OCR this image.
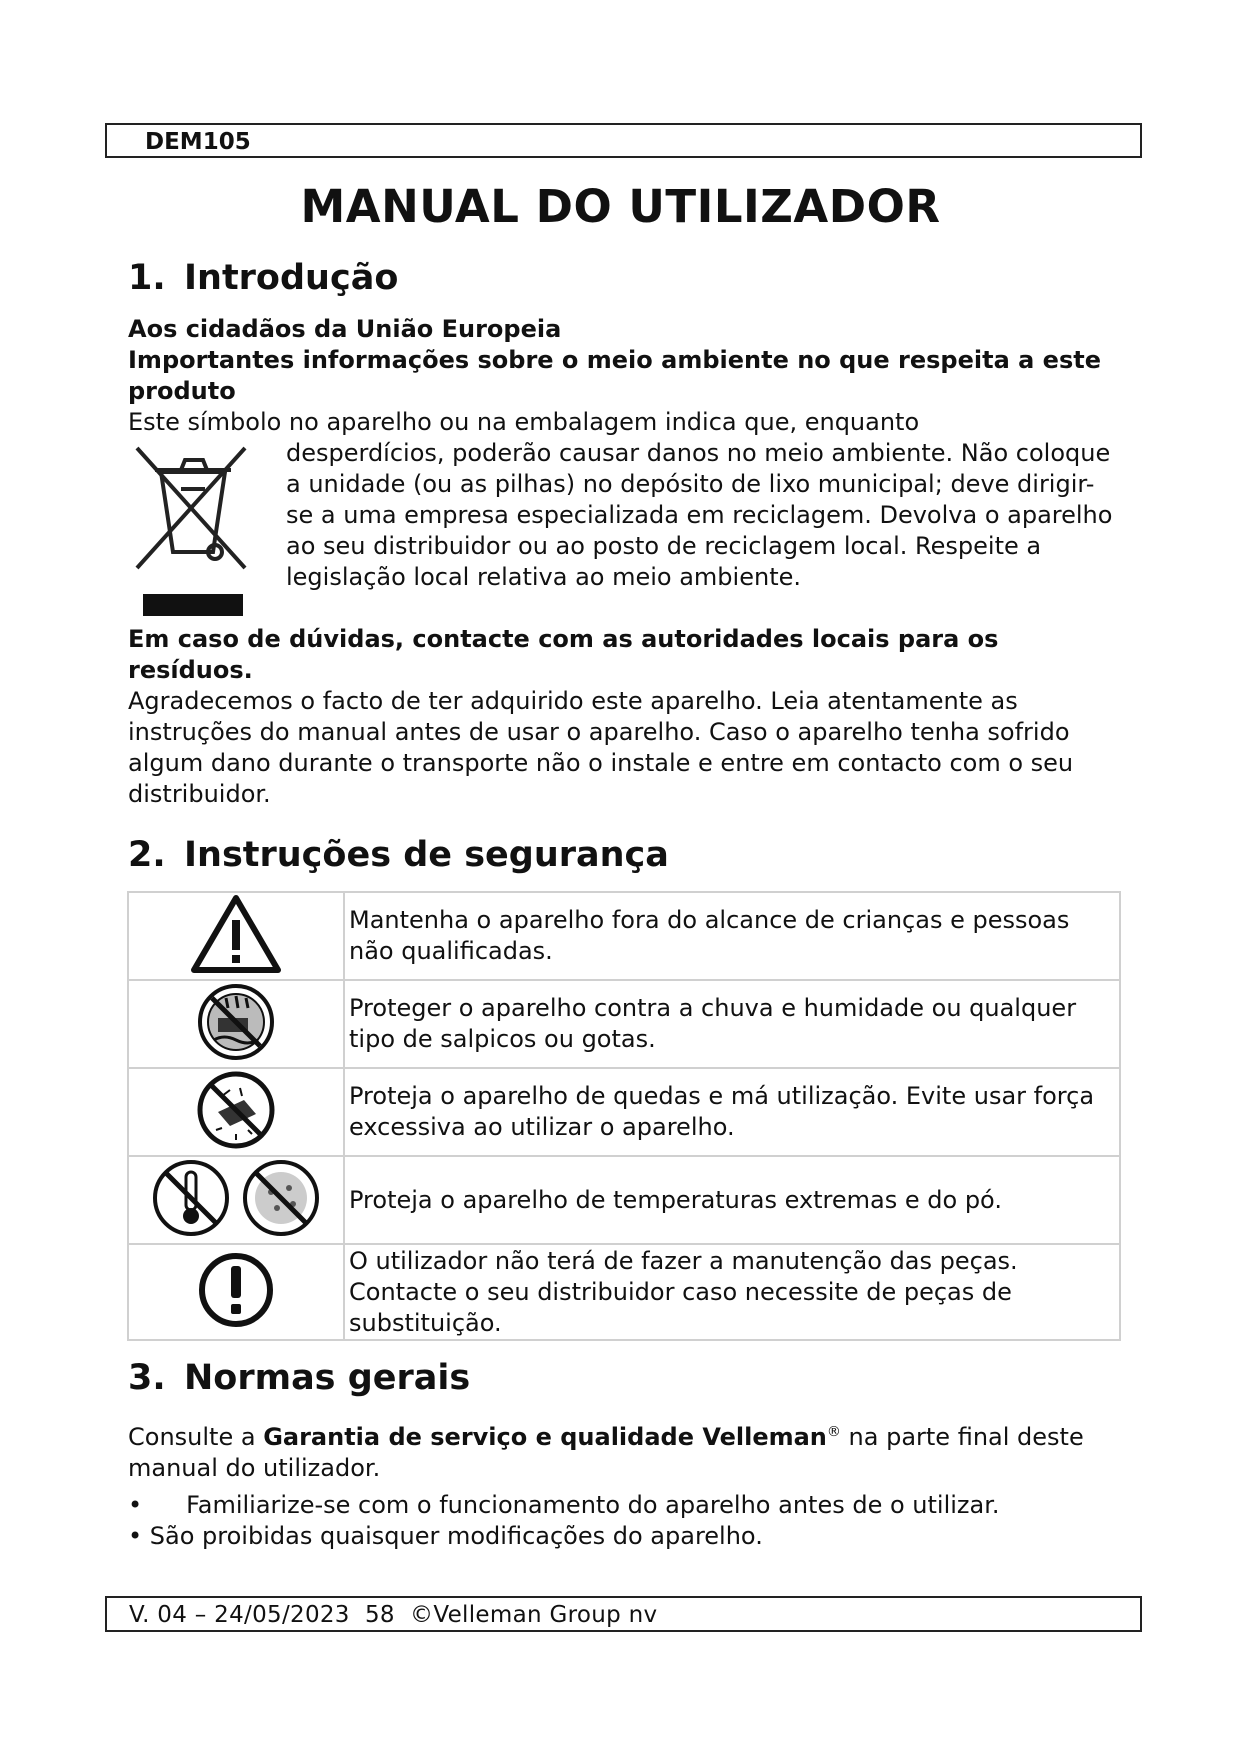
DEM105
MANUAL DO UTILIZADOR
1. Introdução
Aos cidadãos da União Europeia
Importantes informações sobre o meio ambiente no que respeita a este produto
Este símbolo no aparelho ou na embalagem indica que, enquanto
desperdícios, poderão causar danos no meio ambiente. Não coloque a unidade (ou as pilhas) no depósito de lixo municipal; deve dirigir-se a uma empresa especializada em reciclagem. Devolva o aparelho ao seu distribuidor ou ao posto de reciclagem local. Respeite a legislação local relativa ao meio ambiente.
Em caso de dúvidas, contacte com as autoridades locais para os resíduos.
Agradecemos o facto de ter adquirido este aparelho. Leia atentamente as instruções do manual antes de usar o aparelho. Caso o aparelho tenha sofrido algum dano durante o transporte não o instale e entre em contacto com o seu distribuidor.
2. Instruções de segurança
	Mantenha o aparelho fora do alcance de crianças e pessoas não qualificadas.
	Proteger o aparelho contra a chuva e humidade ou qualquer tipo de salpicos ou gotas.
	Proteja o aparelho de quedas e má utilização. Evite usar força excessiva ao utilizar o aparelho.
	Proteja o aparelho de temperaturas extremas e do pó.
	O utilizador não terá de fazer a manutenção das peças. Contacte o seu distribuidor caso necessite de peças de substituição.
3. Normas gerais
Consulte a Garantia de serviço e qualidade Velleman® na parte final deste manual do utilizador.
• Familiarize-se com o funcionamento do aparelho antes de o utilizar.
• São proibidas quaisquer modificações do aparelho.
V. 04 – 24/05/2023  58  ©Velleman Group nv
